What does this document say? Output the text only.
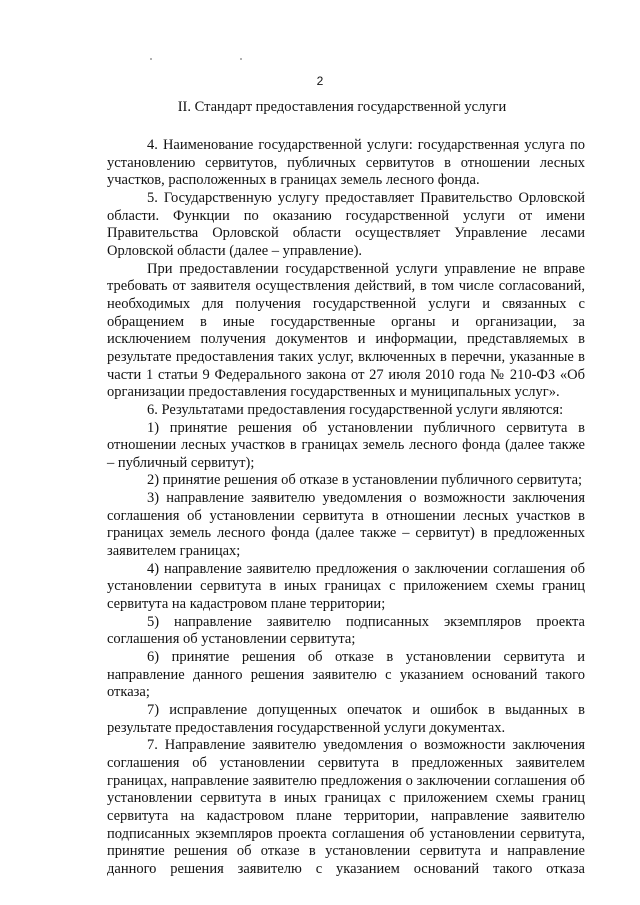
2
II. Стандарт предоставления государственной услуги

4. Наименование государственной услуги: государственная услуга по установлению сервитутов, публичных сервитутов в отношении лесных участков, расположенных в границах земель лесного фонда.

5. Государственную услугу предоставляет Правительство Орловской области. Функции по оказанию государственной услуги от имени Правительства Орловской области осуществляет Управление лесами Орловской области (далее – управление).

При предоставлении государственной услуги управление не вправе требовать от заявителя осуществления действий, в том числе согласований, необходимых для получения государственной услуги и связанных с обращением в иные государственные органы и организации, за исключением получения документов и информации, представляемых в результате предоставления таких услуг, включенных в перечни, указанные в части 1 статьи 9 Федерального закона от 27 июля 2010 года № 210-ФЗ «Об организации предоставления государственных и муниципальных услуг».

6. Результатами предоставления государственной услуги являются:

1) принятие решения об установлении публичного сервитута в отношении лесных участков в границах земель лесного фонда (далее также – публичный сервитут);

2) принятие решения об отказе в установлении публичного сервитута;

3) направление заявителю уведомления о возможности заключения соглашения об установлении сервитута в отношении лесных участков в границах земель лесного фонда (далее также – сервитут) в предложенных заявителем границах;

4) направление заявителю предложения о заключении соглашения об установлении сервитута в иных границах с приложением схемы границ сервитута на кадастровом плане территории;

5) направление заявителю подписанных экземпляров проекта соглашения об установлении сервитута;

6) принятие решения об отказе в установлении сервитута и направление данного решения заявителю с указанием оснований такого отказа;

7) исправление допущенных опечаток и ошибок в выданных в результате предоставления государственной услуги документах.

7. Направление заявителю уведомления о возможности заключения соглашения об установлении сервитута в предложенных заявителем границах, направление заявителю предложения о заключении соглашения об установлении сервитута в иных границах с приложением схемы границ сервитута на кадастровом плане территории, направление заявителю подписанных экземпляров проекта соглашения об установлении сервитута, принятие решения об отказе в установлении сервитута и направление данного решения заявителю с указанием оснований такого отказа
